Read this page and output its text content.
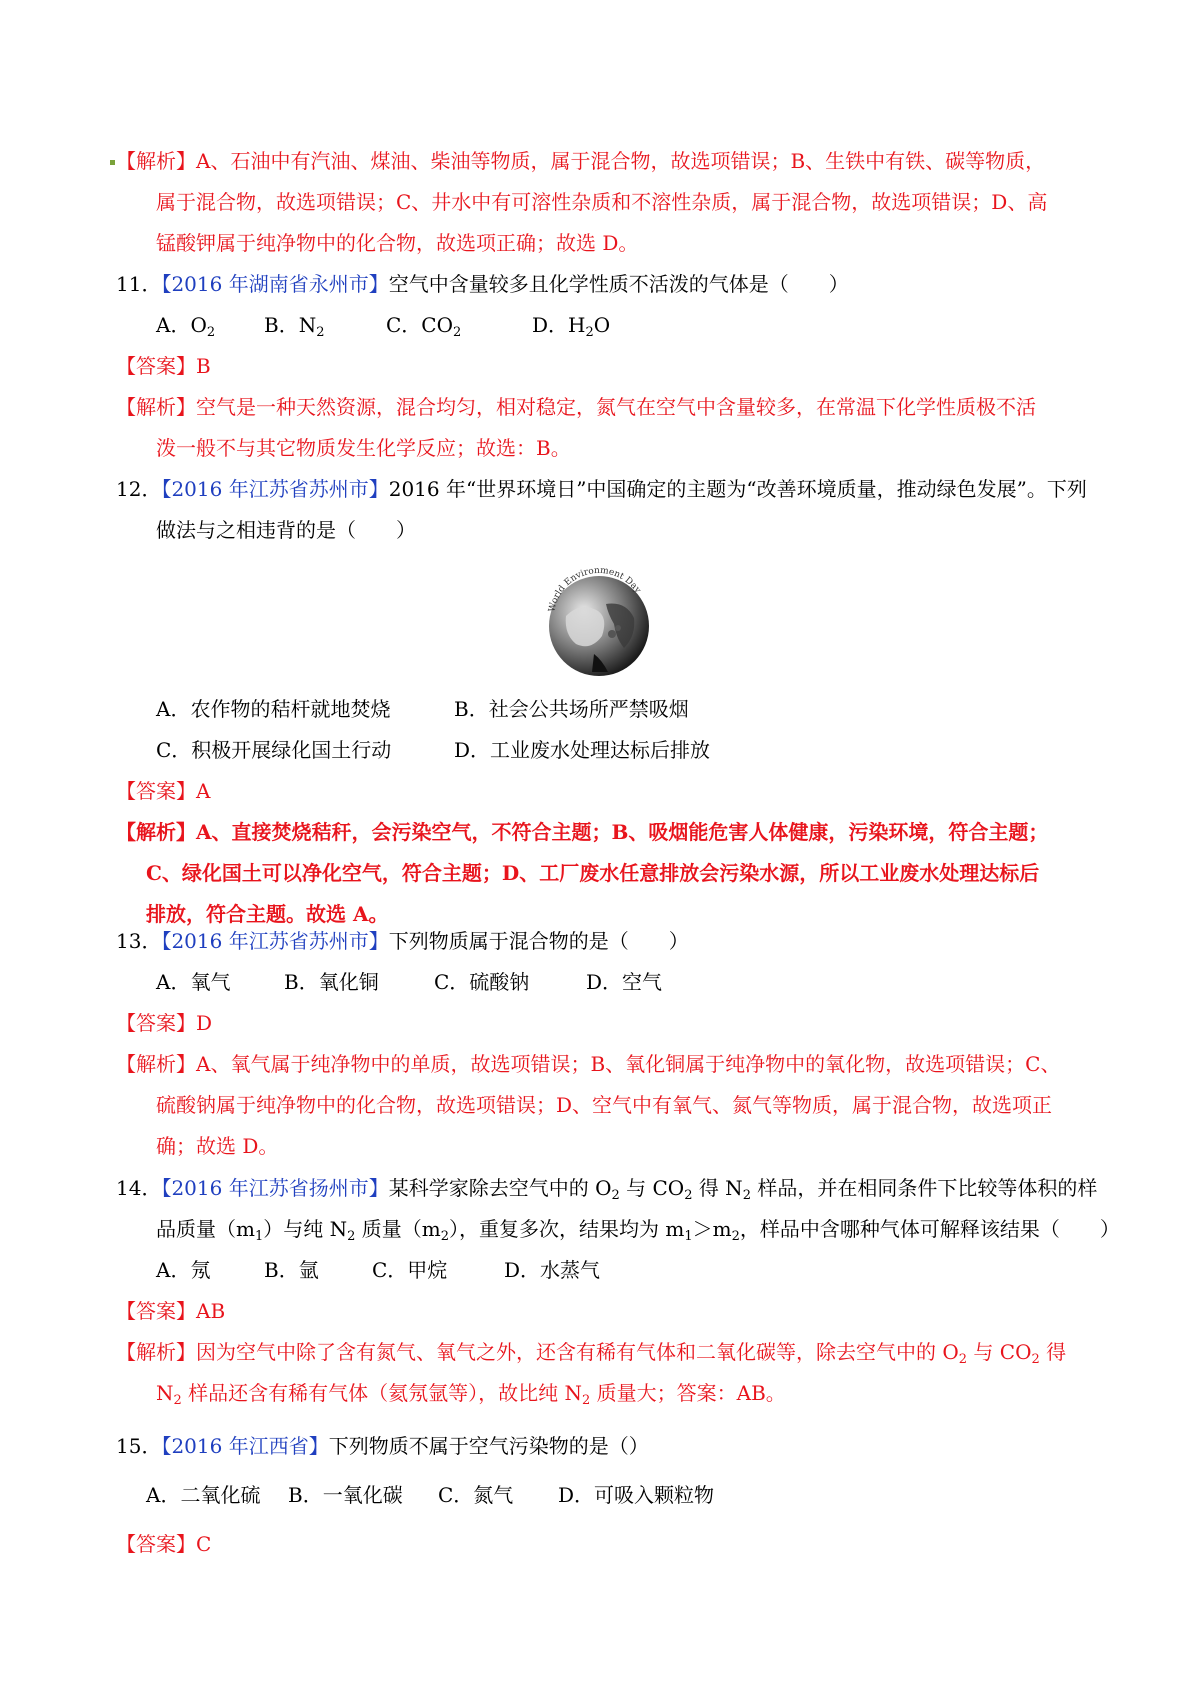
【解析】A、石油中有汽油、煤油、柴油等物质，属于混合物，故选项错误；B、生铁中有铁、碳等物质，
属于混合物，故选项错误；C、井水中有可溶性杂质和不溶性杂质，属于混合物，故选项错误；D、高
锰酸钾属于纯净物中的化合物，故选项正确；故选 D。
11．【2016 年湖南省永州市】空气中含量较多且化学性质不活泼的气体是（　　）
A．$O_2$ B．$N_2$	C．$CO_2$	D．$H_2O$
【答案】B
【解析】空气是一种天然资源，混合均匀，相对稳定，氮气在空气中含量较多，在常温下化学性质极不活
泼一般不与其它物质发生化学反应；故选：B。
12．【2016 年江苏省苏州市】2016 年“世界环境日”中国确定的主题为“改善环境质量，推动绿色发展”。下列
做法与之相违背的是（　　）
World Environment Day
A．农作物的秸杆就地焚烧	B．社会公共场所严禁吸烟
C．积极开展绿化国土行动	D．工业废水处理达标后排放
【答案】A
【解析】A、直接焚烧秸秆，会污染空气，不符合主题；B、吸烟能危害人体健康，污染环境，符合主题；
C、绿化国土可以净化空气，符合主题；D、工厂废水任意排放会污染水源，所以工业废水处理达标后
排放，符合主题。故选 A。
13．【2016 年江苏省苏州市】下列物质属于混合物的是（　　）
A．氧气	B．氧化铜	C．硫酸钠	D．空气
【答案】D
【解析】A、氧气属于纯净物中的单质，故选项错误；B、氧化铜属于纯净物中的氧化物，故选项错误；C、
硫酸钠属于纯净物中的化合物，故选项错误；D、空气中有氧气、氮气等物质，属于混合物，故选项正
确；故选 D。
14．【2016 年江苏省扬州市】某科学家除去空气中的 $O_2$ 与 $CO_2$ 得 $N_2$ 样品，并在相同条件下比较等体积的样
品质量$(m_1)$与纯 $N_2$ 质量$(m_2)$，重复多次，结果均为 $m_1>m_2$，样品中含哪种气体可解释该结果（　　）
A．氖	B．氩	C．甲烷	D．水蒸气
【答案】AB
【解析】因为空气中除了含有氮气、氧气之外，还含有稀有气体和二氧化碳等，除去空气中的 $O_2$ 与 $CO_2$ 得
$N_2$ 样品还含有稀有气体（氦氖氩等），故比纯 $N_2$ 质量大；答案：AB。
15．【2016 年江西省】下列物质不属于空气污染物的是（）
A．二氧化硫 B．一氧化碳 C．氮气 D．可吸入颗粒物
【答案】C
